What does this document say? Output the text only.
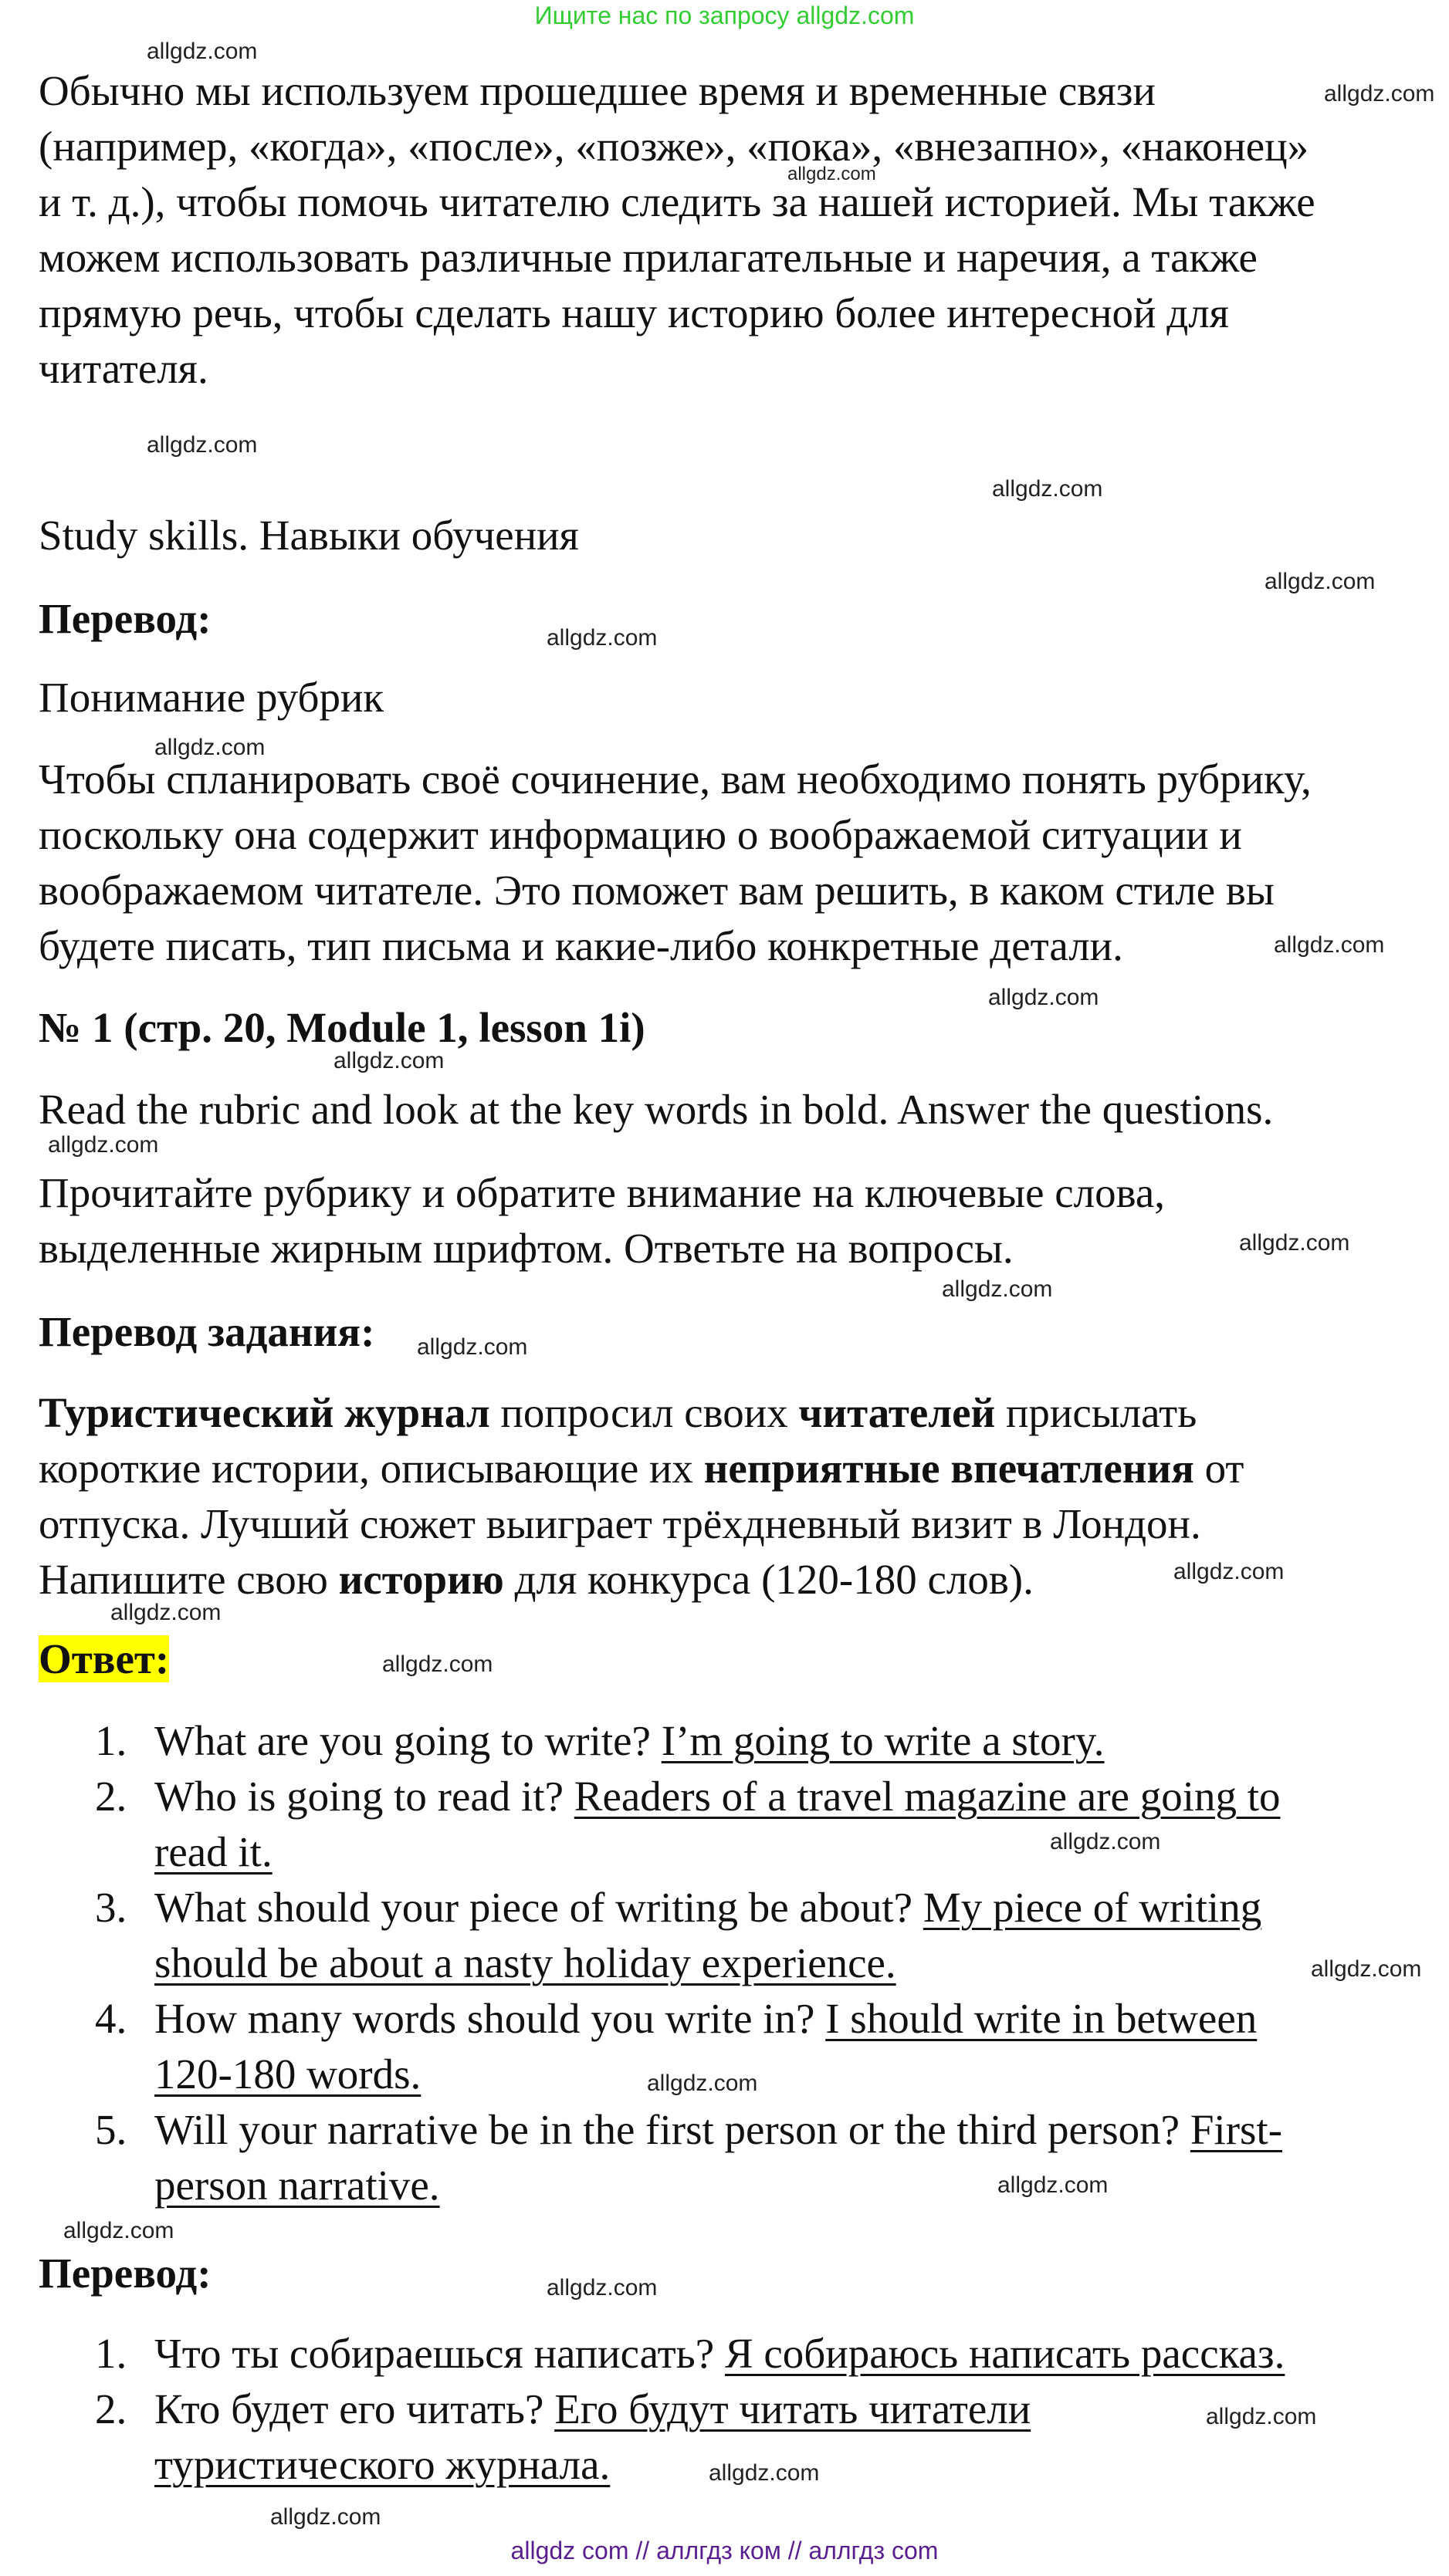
Ищите нас по запросу allgdz.com

Обычно мы используем прошедшее время и временные связи

(например, «когда», «после», «позже», «пока», «внезапно», «наконец»

и т. д.), чтобы помочь читателю следить за нашей историей. Мы также

можем использовать различные прилагательные и наречия, а также

прямую речь, чтобы сделать нашу историю более интересной для

читателя.

Study skills. Навыки обучения
Перевод:
Понимание рубрик

Чтобы спланировать своё сочинение, вам необходимо понять рубрику,

поскольку она содержит информацию о воображаемой ситуации и

воображаемом читателе. Это поможет вам решить, в каком стиле вы

будете писать, тип письма и какие-либо конкретные детали.

№ 1 (стр. 20, Module 1, lesson 1i)
Read the rubric and look at the key words in bold. Answer the questions.

Прочитайте рубрику и обратите внимание на ключевые слова,

выделенные жирным шрифтом. Ответьте на вопросы.

Перевод задания:

Туристический журнал попросил своих читателей присылать

короткие истории, описывающие их неприятные впечатления от

отпуска. Лучший сюжет выиграет трёхдневный визит в Лондон.

Напишите свою историю для конкурса (120-180 слов).

Ответ:
1. What are you going to write? I’m going to write a story.
2. Who is going to read it? Readers of a travel magazine are going to
read it.
3. What should your piece of writing be about? My piece of writing
should be about a nasty holiday experience.
4. How many words should you write in? I should write in between
120-180 words.
5. Will your narrative be in the first person or the third person? First-
person narrative.
Перевод:
1. Что ты собираешься написать? Я собираюсь написать рассказ.
2. Кто будет его читать? Его будут читать читатели
туристического журнала.
allgdz.com
allgdz.com
allgdz.com
allgdz.com
allgdz.com
allgdz.com
allgdz.com
allgdz.com
allgdz.com
allgdz.com
allgdz.com
allgdz.com
allgdz.com
allgdz.com
allgdz.com
allgdz.com
allgdz.com
allgdz.com
allgdz.com
allgdz.com
allgdz.com
allgdz.com
allgdz.com
allgdz.com
allgdz.com
allgdz.com
allgdz.com
allgdz com // аллгдз ком // аллгдз com
